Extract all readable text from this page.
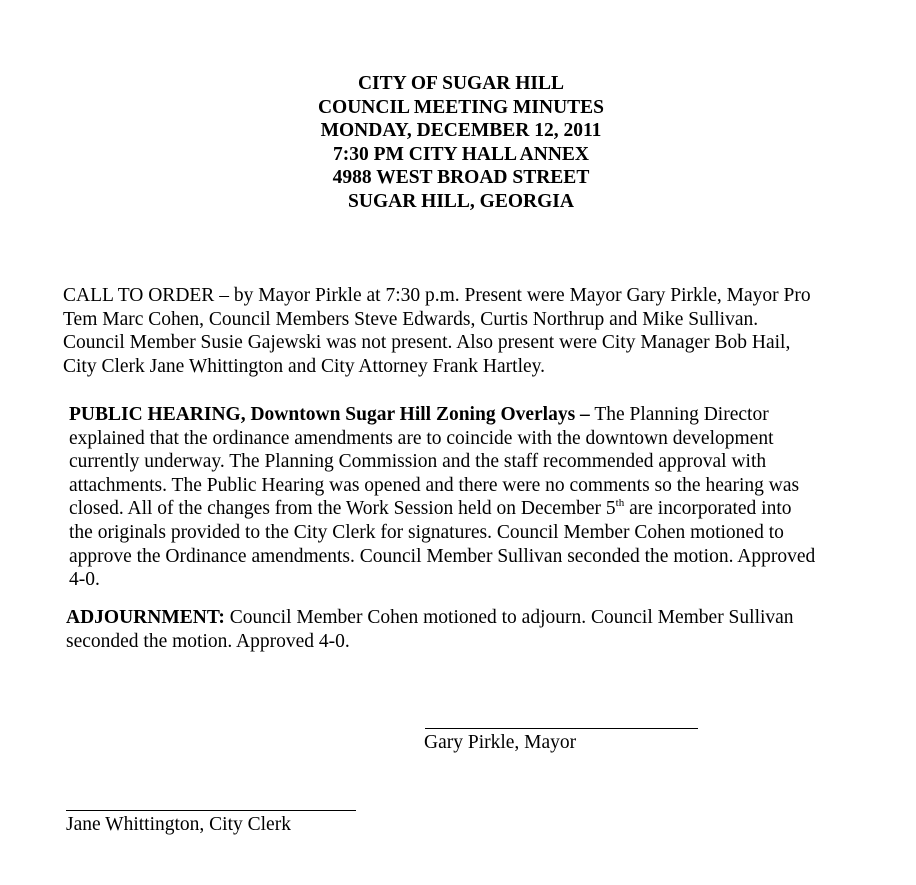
CITY OF SUGAR HILL
COUNCIL MEETING MINUTES
MONDAY, DECEMBER 12, 2011
7:30 PM CITY HALL ANNEX
4988 WEST BROAD STREET
SUGAR HILL, GEORGIA

CALL TO ORDER – by Mayor Pirkle at 7:30 p.m. Present were Mayor Gary Pirkle, Mayor Pro
Tem Marc Cohen, Council Members Steve Edwards, Curtis Northrup and Mike Sullivan.
Council Member Susie Gajewski was not present. Also present were City Manager Bob Hail,
City Clerk Jane Whittington and City Attorney Frank Hartley.

PUBLIC HEARING, Downtown Sugar Hill Zoning Overlays – The Planning Director
explained that the ordinance amendments are to coincide with the downtown development
currently underway. The Planning Commission and the staff recommended approval with
attachments. The Public Hearing was opened and there were no comments so the hearing was
closed. All of the changes from the Work Session held on December 5th are incorporated into
the originals provided to the City Clerk for signatures. Council Member Cohen motioned to
approve the Ordinance amendments. Council Member Sullivan seconded the motion. Approved
4-0.

ADJOURNMENT: Council Member Cohen motioned to adjourn. Council Member Sullivan
seconded the motion. Approved 4-0.

Gary Pirkle, Mayor
Jane Whittington, City Clerk
